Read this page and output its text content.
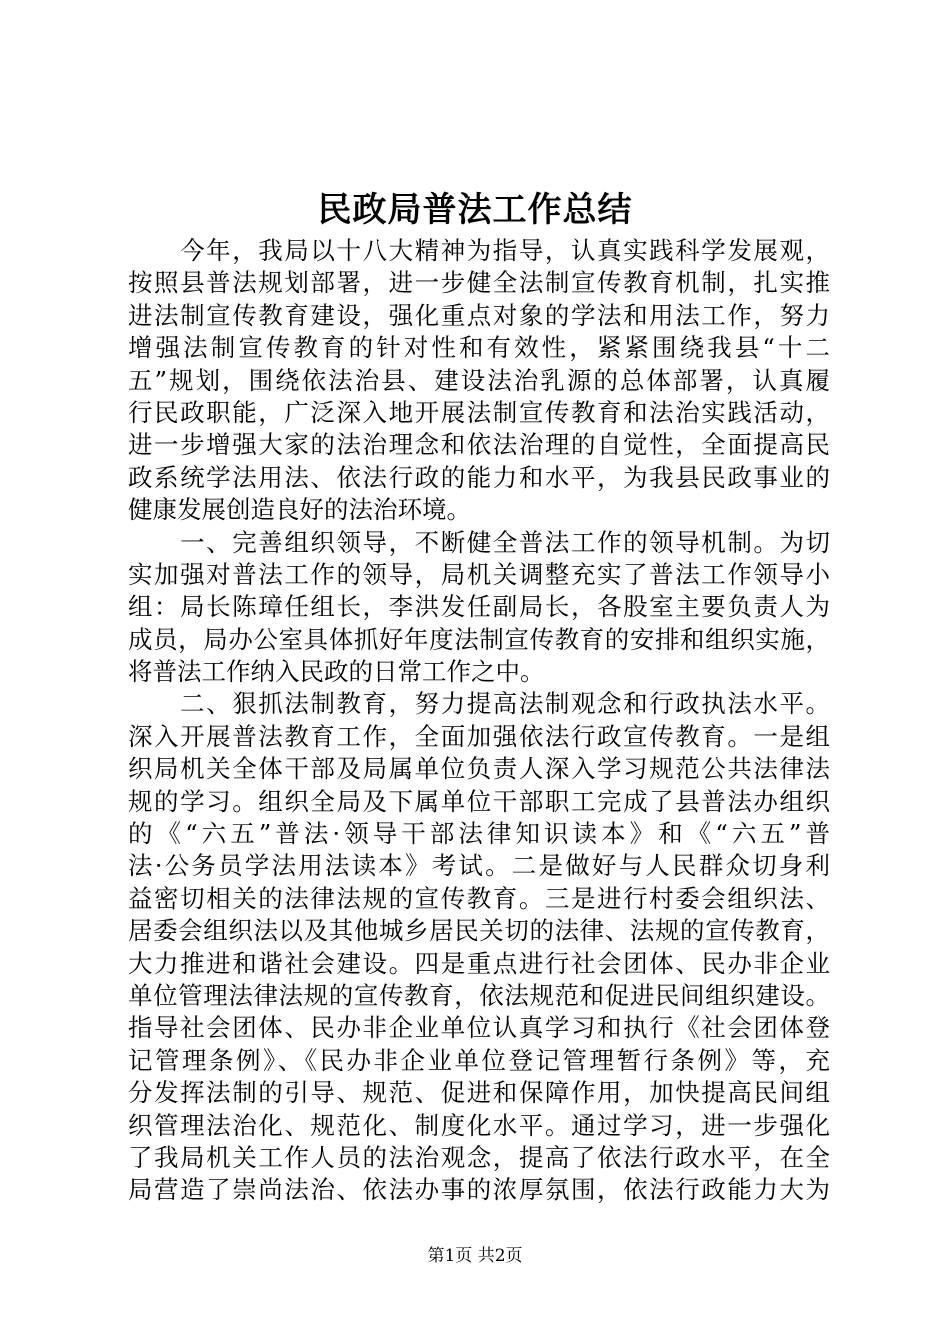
民政局普法工作总结
　　今年，我局以十八大精神为指导，认真实践科学发展观，
按照县普法规划部署，进一步健全法制宣传教育机制，扎实推
进法制宣传教育建设，强化重点对象的学法和用法工作，努力
增强法制宣传教育的针对性和有效性，紧紧围绕我县“十二
五”规划，围绕依法治县、建设法治乳源的总体部署，认真履
行民政职能，广泛深入地开展法制宣传教育和法治实践活动，
进一步增强大家的法治理念和依法治理的自觉性，全面提高民
政系统学法用法、依法行政的能力和水平，为我县民政事业的
健康发展创造良好的法治环境。
　　一、完善组织领导，不断健全普法工作的领导机制。为切
实加强对普法工作的领导，局机关调整充实了普法工作领导小
组：局长陈璋任组长，李洪发任副局长，各股室主要负责人为
成员，局办公室具体抓好年度法制宣传教育的安排和组织实施，
将普法工作纳入民政的日常工作之中。
　　二、狠抓法制教育，努力提高法制观念和行政执法水平。
深入开展普法教育工作，全面加强依法行政宣传教育。一是组
织局机关全体干部及局属单位负责人深入学习规范公共法律法
规的学习。组织全局及下属单位干部职工完成了县普法办组织
的《“六五”普法·领导干部法律知识读本》和《“六五”普
法·公务员学法用法读本》考试。二是做好与人民群众切身利
益密切相关的法律法规的宣传教育。三是进行村委会组织法、
居委会组织法以及其他城乡居民关切的法律、法规的宣传教育，
大力推进和谐社会建设。四是重点进行社会团体、民办非企业
单位管理法律法规的宣传教育，依法规范和促进民间组织建设。
指导社会团体、民办非企业单位认真学习和执行《社会团体登
记管理条例》、《民办非企业单位登记管理暂行条例》等，充
分发挥法制的引导、规范、促进和保障作用，加快提高民间组
织管理法治化、规范化、制度化水平。通过学习，进一步强化
了我局机关工作人员的法治观念，提高了依法行政水平，在全
局营造了崇尚法治、依法办事的浓厚氛围，依法行政能力大为
第1页 共2页
